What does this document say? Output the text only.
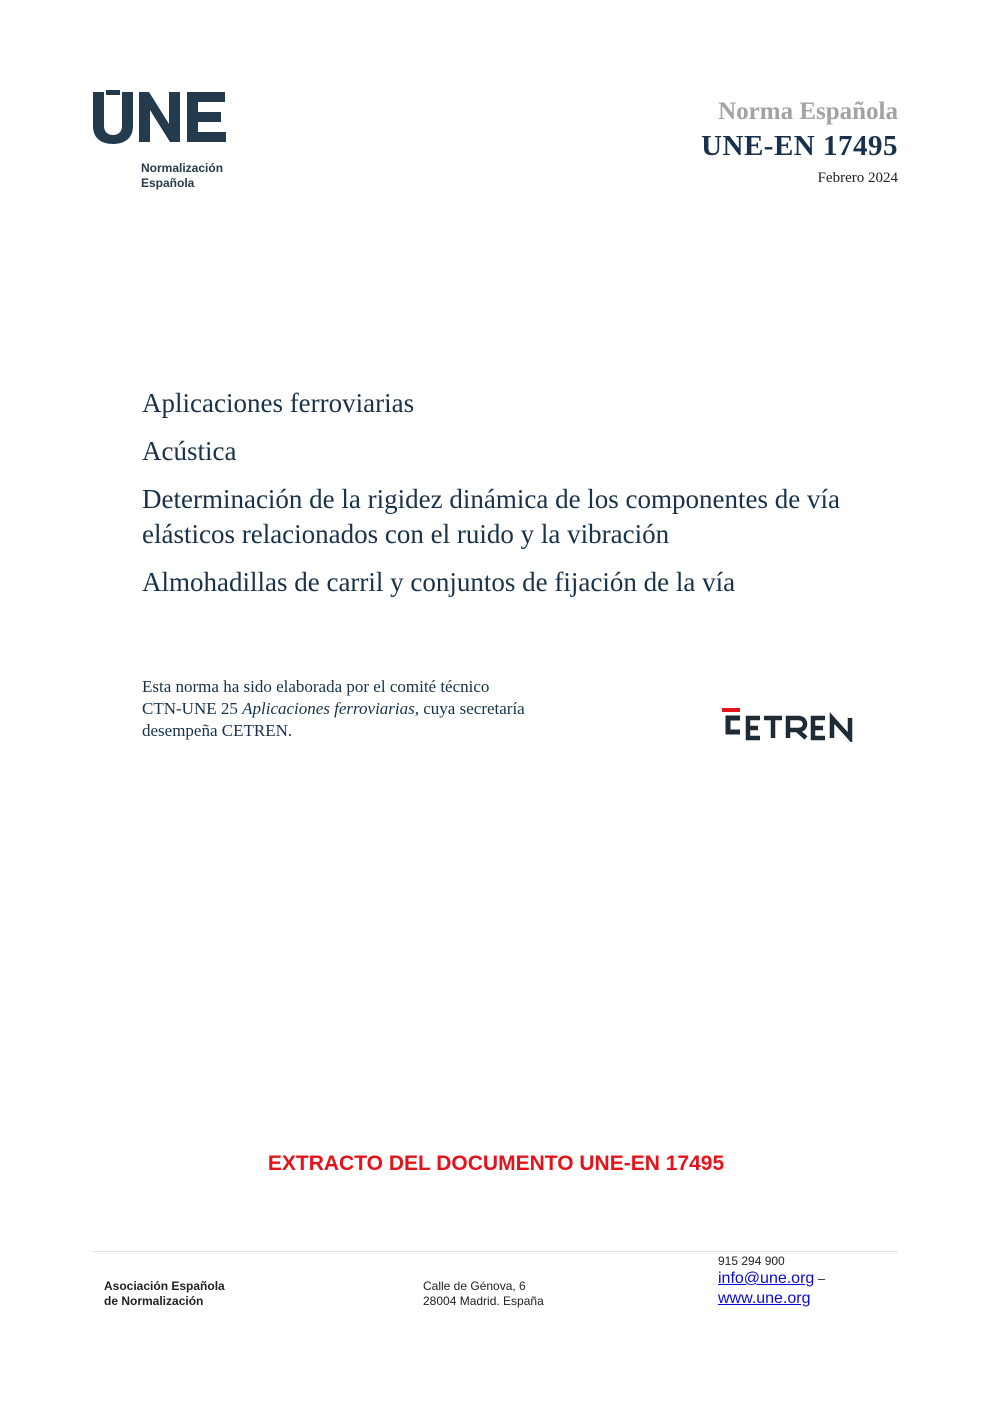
Normalización
Española
Norma Española
UNE-EN 17495
Febrero 2024
Aplicaciones ferroviarias
Acústica
Determinación de la rigidez dinámica de los componentes de vía elásticos relacionados con el ruido y la vibración
Almohadillas de carril y conjuntos de fijación de la vía
Esta norma ha sido elaborada por el comité técnico
CTN-UNE 25 Aplicaciones ferroviarias, cuya secretaría
desempeña CETREN.
EXTRACTO DEL DOCUMENTO UNE-EN 17495
Asociación Española
de Normalización
Calle de Génova, 6
28004 Madrid. España
915 294 900
info@une.org –
www.une.org
